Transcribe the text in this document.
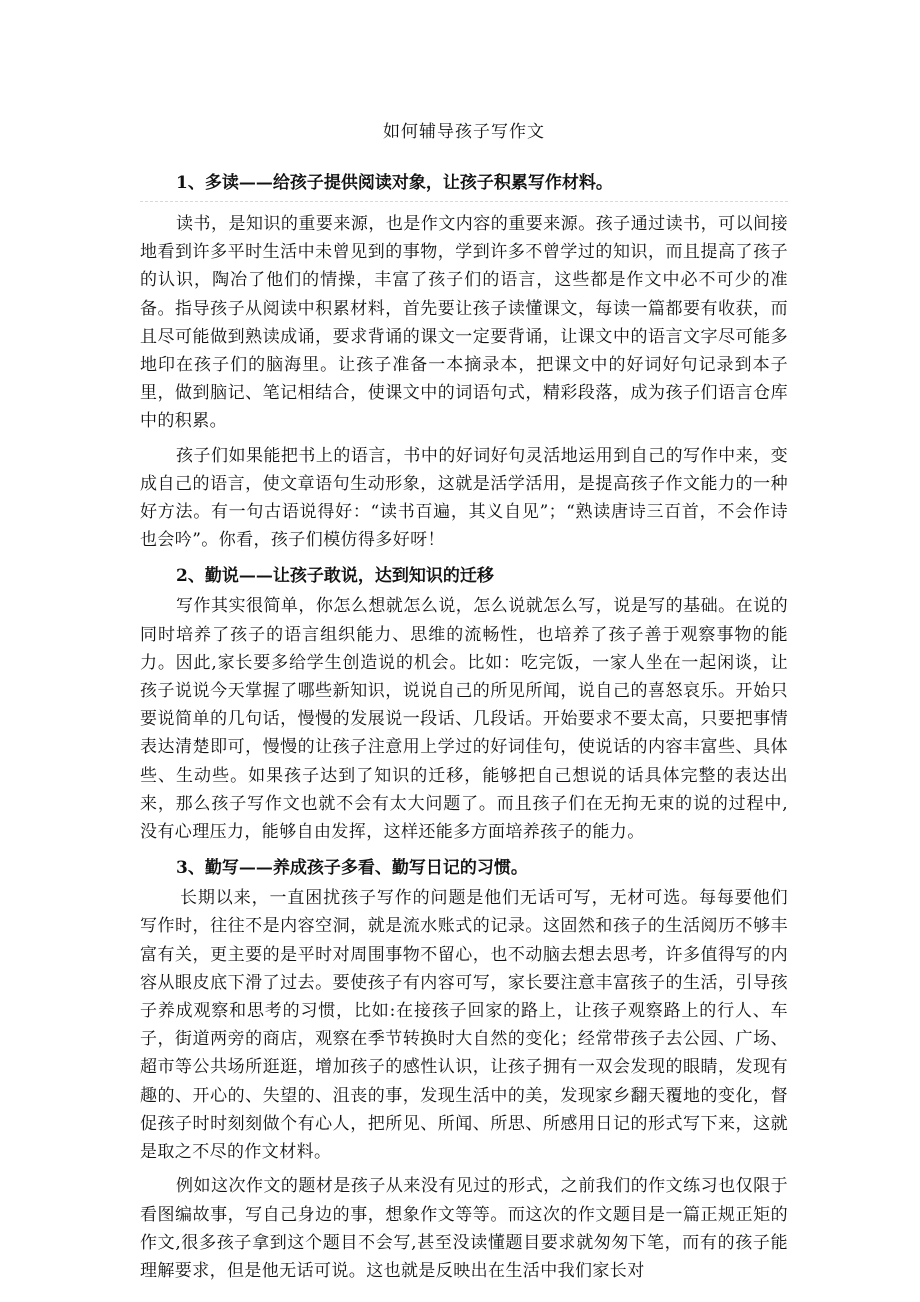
如何辅导孩子写作文
1、多读——给孩子提供阅读对象，让孩子积累写作材料。

读书，是知识的重要来源，也是作文内容的重要来源。孩子通过读书，可以间接地看到许多平时生活中未曾见到的事物，学到许多不曾学过的知识，而且提高了孩子的认识，陶冶了他们的情操，丰富了孩子们的语言，这些都是作文中必不可少的准备。指导孩子从阅读中积累材料，首先要让孩子读懂课文，每读一篇都要有收获，而且尽可能做到熟读成诵，要求背诵的课文一定要背诵，让课文中的语言文字尽可能多地印在孩子们的脑海里。让孩子准备一本摘录本，把课文中的好词好句记录到本子里，做到脑记、笔记相结合，使课文中的词语句式，精彩段落，成为孩子们语言仓库中的积累。

孩子们如果能把书上的语言，书中的好词好句灵活地运用到自己的写作中来，变成自己的语言，使文章语句生动形象，这就是活学活用，是提高孩子作文能力的一种好方法。有一句古语说得好：“读书百遍，其义自见”；“熟读唐诗三百首，不会作诗也会吟”。你看，孩子们模仿得多好呀！

2、勤说——让孩子敢说，达到知识的迁移

写作其实很简单，你怎么想就怎么说，怎么说就怎么写，说是写的基础。在说的同时培养了孩子的语言组织能力、思维的流畅性，也培养了孩子善于观察事物的能力。因此,家长要多给学生创造说的机会。比如：吃完饭，一家人坐在一起闲谈，让孩子说说今天掌握了哪些新知识，说说自己的所见所闻，说自己的喜怒哀乐。开始只要说简单的几句话，慢慢的发展说一段话、几段话。开始要求不要太高，只要把事情表达清楚即可，慢慢的让孩子注意用上学过的好词佳句，使说话的内容丰富些、具体些、生动些。如果孩子达到了知识的迁移，能够把自己想说的话具体完整的表达出来，那么孩子写作文也就不会有太大问题了。而且孩子们在无拘无束的说的过程中,没有心理压力，能够自由发挥，这样还能多方面培养孩子的能力。

3、勤写——养成孩子多看、勤写日记的习惯。

长期以来，一直困扰孩子写作的问题是他们无话可写，无材可选。每每要他们写作时，往往不是内容空洞，就是流水账式的记录。这固然和孩子的生活阅历不够丰富有关，更主要的是平时对周围事物不留心，也不动脑去想去思考，许多值得写的内容从眼皮底下滑了过去。要使孩子有内容可写，家长要注意丰富孩子的生活，引导孩子养成观察和思考的习惯，比如:在接孩子回家的路上，让孩子观察路上的行人、车子，街道两旁的商店，观察在季节转换时大自然的变化；经常带孩子去公园、广场、超市等公共场所逛逛，增加孩子的感性认识，让孩子拥有一双会发现的眼睛，发现有趣的、开心的、失望的、沮丧的事，发现生活中的美，发现家乡翻天覆地的变化，督促孩子时时刻刻做个有心人，把所见、所闻、所思、所感用日记的形式写下来，这就是取之不尽的作文材料。

例如这次作文的题材是孩子从来没有见过的形式，之前我们的作文练习也仅限于看图编故事，写自己身边的事，想象作文等等。而这次的作文题目是一篇正规正矩的作文,很多孩子拿到这个题目不会写,甚至没读懂题目要求就匆匆下笔，而有的孩子能理解要求，但是他无话可说。这也就是反映出在生活中我们家长对
